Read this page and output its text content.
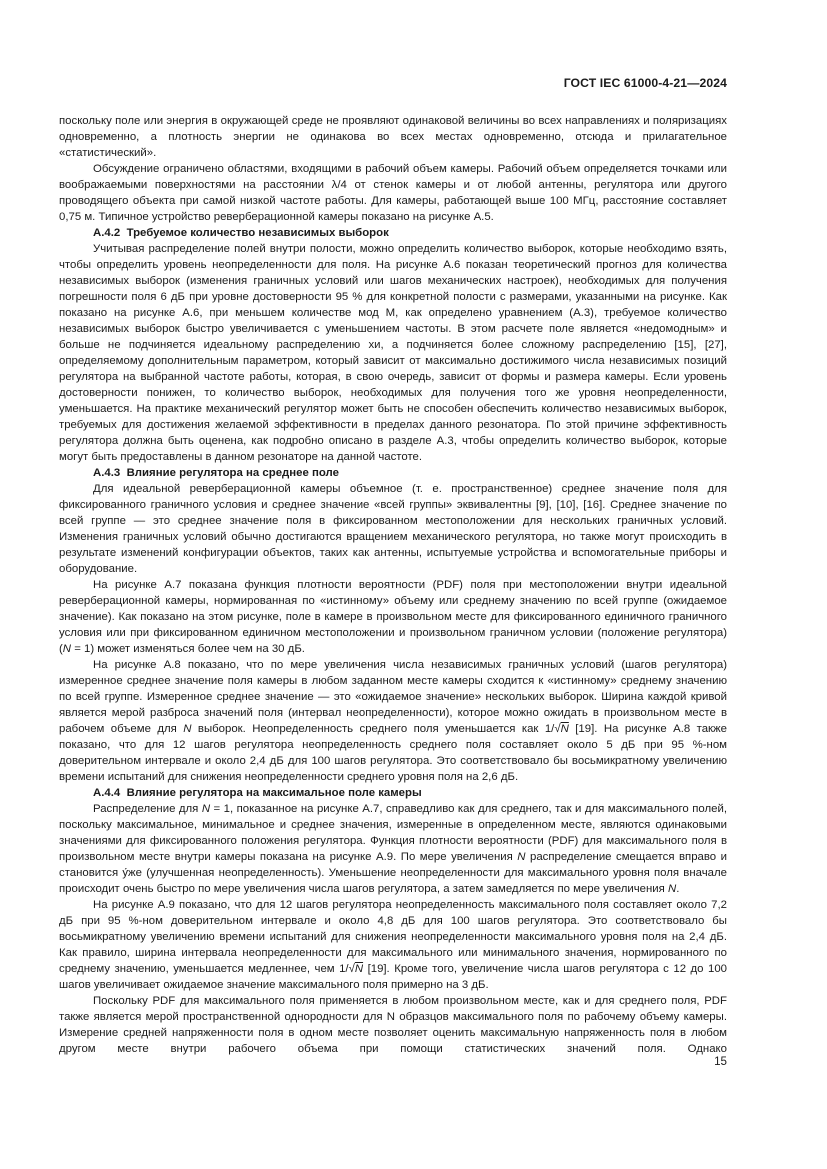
ГОСТ IEC 61000-4-21—2024

поскольку поле или энергия в окружающей среде не проявляют одинаковой величины во всех направлениях и поляризациях одновременно, а плотность энергии не одинакова во всех местах одновременно, отсюда и прилагательное «статистический».

Обсуждение ограничено областями, входящими в рабочий объем камеры. Рабочий объем определяется точками или воображаемыми поверхностями на расстоянии λ/4 от стенок камеры и от любой антенны, регулятора или другого проводящего объекта при самой низкой частоте работы. Для камеры, работающей выше 100 МГц, расстояние составляет 0,75 м. Типичное устройство реверберационной камеры показано на рисунке А.5.

А.4.2 Требуемое количество независимых выборок

Учитывая распределение полей внутри полости, можно определить количество выборок, которые необходимо взять, чтобы определить уровень неопределенности для поля. На рисунке А.6 показан теоретический прогноз для количества независимых выборок (изменения граничных условий или шагов механических настроек), необходимых для получения погрешности поля 6 дБ при уровне достоверности 95 % для конкретной полости с размерами, указанными на рисунке. Как показано на рисунке А.6, при меньшем количестве мод М, как определено уравнением (А.3), требуемое количество независимых выборок быстро увеличивается с уменьшением частоты. В этом расчете поле является «недомодным» и больше не подчиняется идеальному распределению хи, а подчиняется более сложному распределению [15], [27], определяемому дополнительным параметром, который зависит от максимально достижимого числа независимых позиций регулятора на выбранной частоте работы, которая, в свою очередь, зависит от формы и размера камеры. Если уровень достоверности понижен, то количество выборок, необходимых для получения того же уровня неопределенности, уменьшается. На практике механический регулятор может быть не способен обеспечить количество независимых выборок, требуемых для достижения желаемой эффективности в пределах данного резонатора. По этой причине эффективность регулятора должна быть оценена, как подробно описано в разделе А.3, чтобы определить количество выборок, которые могут быть предоставлены в данном резонаторе на данной частоте.

А.4.3 Влияние регулятора на среднее поле

Для идеальной реверберационной камеры объемное (т. е. пространственное) среднее значение поля для фиксированного граничного условия и среднее значение «всей группы» эквивалентны [9], [10], [16]. Среднее значение по всей группе — это среднее значение поля в фиксированном местоположении для нескольких граничных условий. Изменения граничных условий обычно достигаются вращением механического регулятора, но также могут происходить в результате изменений конфигурации объектов, таких как антенны, испытуемые устройства и вспомогательные приборы и оборудование.

На рисунке А.7 показана функция плотности вероятности (PDF) поля при местоположении внутри идеальной реверберационной камеры, нормированная по «истинному» объему или среднему значению по всей группе (ожидаемое значение). Как показано на этом рисунке, поле в камере в произвольном месте для фиксированного единичного граничного условия или при фиксированном единичном местоположении и произвольном граничном условии (положение регулятора) (N = 1) может изменяться более чем на 30 дБ.

На рисунке А.8 показано, что по мере увеличения числа независимых граничных условий (шагов регулятора) измеренное среднее значение поля камеры в любом заданном месте камеры сходится к «истинному» среднему значению по всей группе. Измеренное среднее значение — это «ожидаемое значение» нескольких выборок. Ширина каждой кривой является мерой разброса значений поля (интервал неопределенности), которое можно ожидать в произвольном месте в рабочем объеме для N выборок. Неопределенность среднего поля уменьшается как 1/√N [19]. На рисунке А.8 также показано, что для 12 шагов регулятора неопределенность среднего поля составляет около 5 дБ при 95 %-ном доверительном интервале и около 2,4 дБ для 100 шагов регулятора. Это соответствовало бы восьмикратному увеличению времени испытаний для снижения неопределенности среднего уровня поля на 2,6 дБ.

А.4.4 Влияние регулятора на максимальное поле камеры

Распределение для N = 1, показанное на рисунке А.7, справедливо как для среднего, так и для максимального полей, поскольку максимальное, минимальное и среднее значения, измеренные в определенном месте, являются одинаковыми значениями для фиксированного положения регулятора. Функция плотности вероятности (PDF) для максимального поля в произвольном месте внутри камеры показана на рисунке А.9. По мере увеличения N распределение смещается вправо и становится у́же (улучшенная неопределенность). Уменьшение неопределенности для максимального уровня поля вначале происходит очень быстро по мере увеличения числа шагов регулятора, а затем замедляется по мере увеличения N.

На рисунке А.9 показано, что для 12 шагов регулятора неопределенность максимального поля составляет около 7,2 дБ при 95 %-ном доверительном интервале и около 4,8 дБ для 100 шагов регулятора. Это соответствовало бы восьмикратному увеличению времени испытаний для снижения неопределенности максимального уровня поля на 2,4 дБ. Как правило, ширина интервала неопределенности для максимального или минимального значения, нормированного по среднему значению, уменьшается медленнее, чем 1/√N [19]. Кроме того, увеличение числа шагов регулятора с 12 до 100 шагов увеличивает ожидаемое значение максимального поля примерно на 3 дБ.

Поскольку PDF для максимального поля применяется в любом произвольном месте, как и для среднего поля, PDF также является мерой пространственной однородности для N образцов максимального поля по рабочему объему камеры. Измерение средней напряженности поля в одном месте позволяет оценить максимальную напряженность поля в любом другом месте внутри рабочего объема при помощи статистических значений поля. Однако

15
